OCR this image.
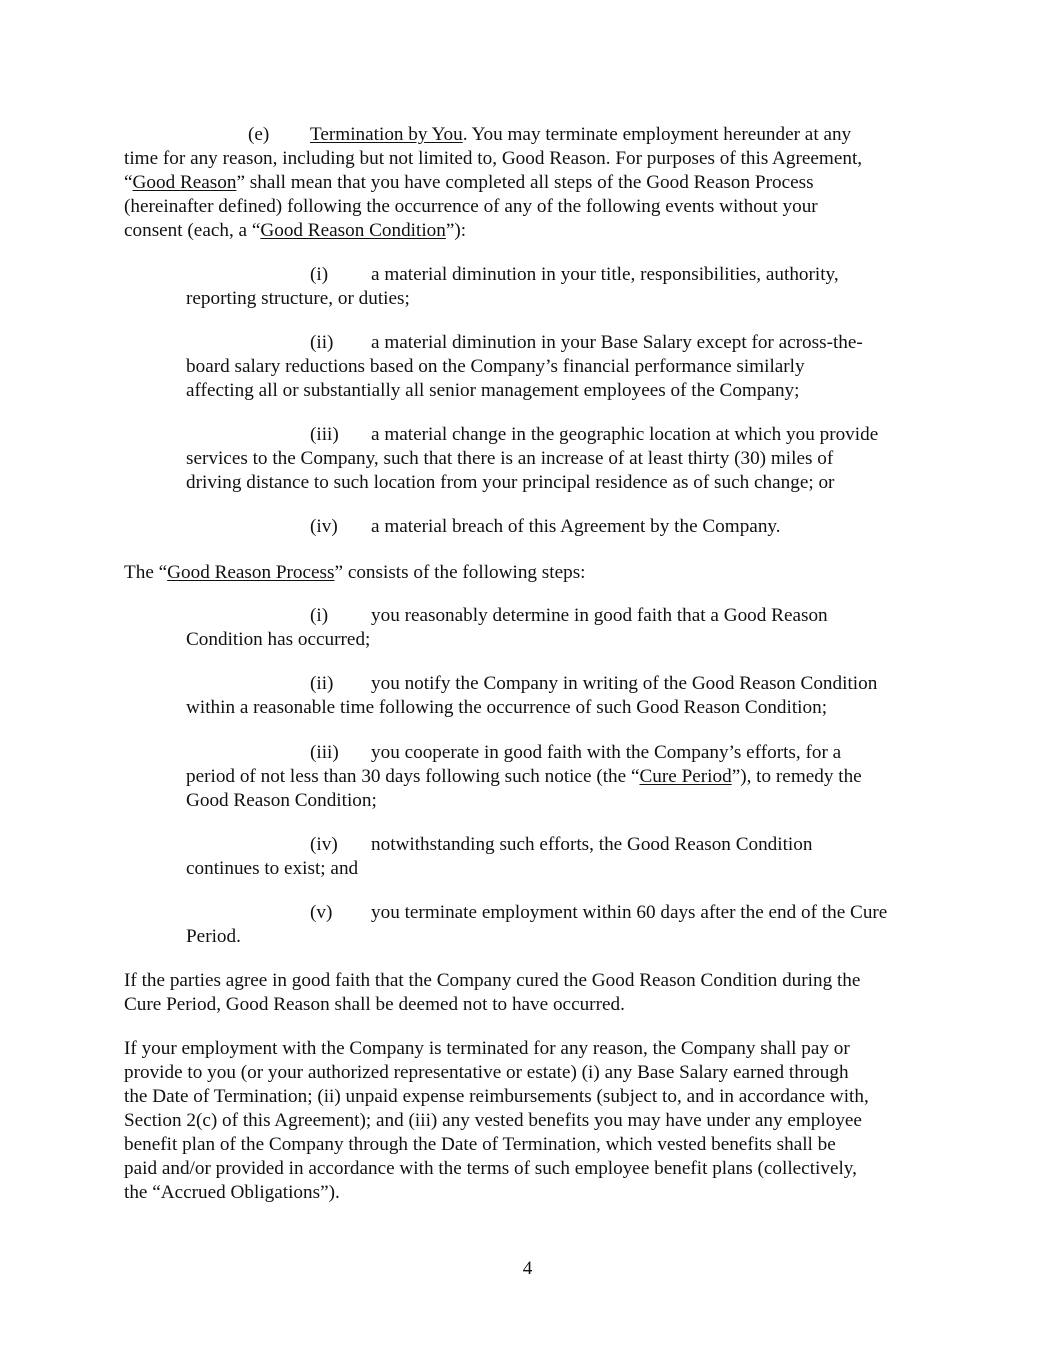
(e) Termination by You. You may terminate employment hereunder at any
time for any reason, including but not limited to, Good Reason. For purposes of this Agreement,
“Good Reason” shall mean that you have completed all steps of the Good Reason Process
(hereinafter defined) following the occurrence of any of the following events without your
consent (each, a “Good Reason Condition”):
(i) a material diminution in your title, responsibilities, authority,
reporting structure, or duties;
(ii) a material diminution in your Base Salary except for across-the-
board salary reductions based on the Company’s financial performance similarly
affecting all or substantially all senior management employees of the Company;
(iii) a material change in the geographic location at which you provide
services to the Company, such that there is an increase of at least thirty (30) miles of
driving distance to such location from your principal residence as of such change; or
(iv) a material breach of this Agreement by the Company.
The “Good Reason Process” consists of the following steps:
(i) you reasonably determine in good faith that a Good Reason
Condition has occurred;
(ii) you notify the Company in writing of the Good Reason Condition
within a reasonable time following the occurrence of such Good Reason Condition;
(iii) you cooperate in good faith with the Company’s efforts, for a
period of not less than 30 days following such notice (the “Cure Period”), to remedy the
Good Reason Condition;
(iv) notwithstanding such efforts, the Good Reason Condition
continues to exist; and
(v) you terminate employment within 60 days after the end of the Cure
Period.
If the parties agree in good faith that the Company cured the Good Reason Condition during the
Cure Period, Good Reason shall be deemed not to have occurred.
If your employment with the Company is terminated for any reason, the Company shall pay or
provide to you (or your authorized representative or estate) (i) any Base Salary earned through
the Date of Termination; (ii) unpaid expense reimbursements (subject to, and in accordance with,
Section 2(c) of this Agreement); and (iii) any vested benefits you may have under any employee
benefit plan of the Company through the Date of Termination, which vested benefits shall be
paid and/or provided in accordance with the terms of such employee benefit plans (collectively,
the “Accrued Obligations”).
4
